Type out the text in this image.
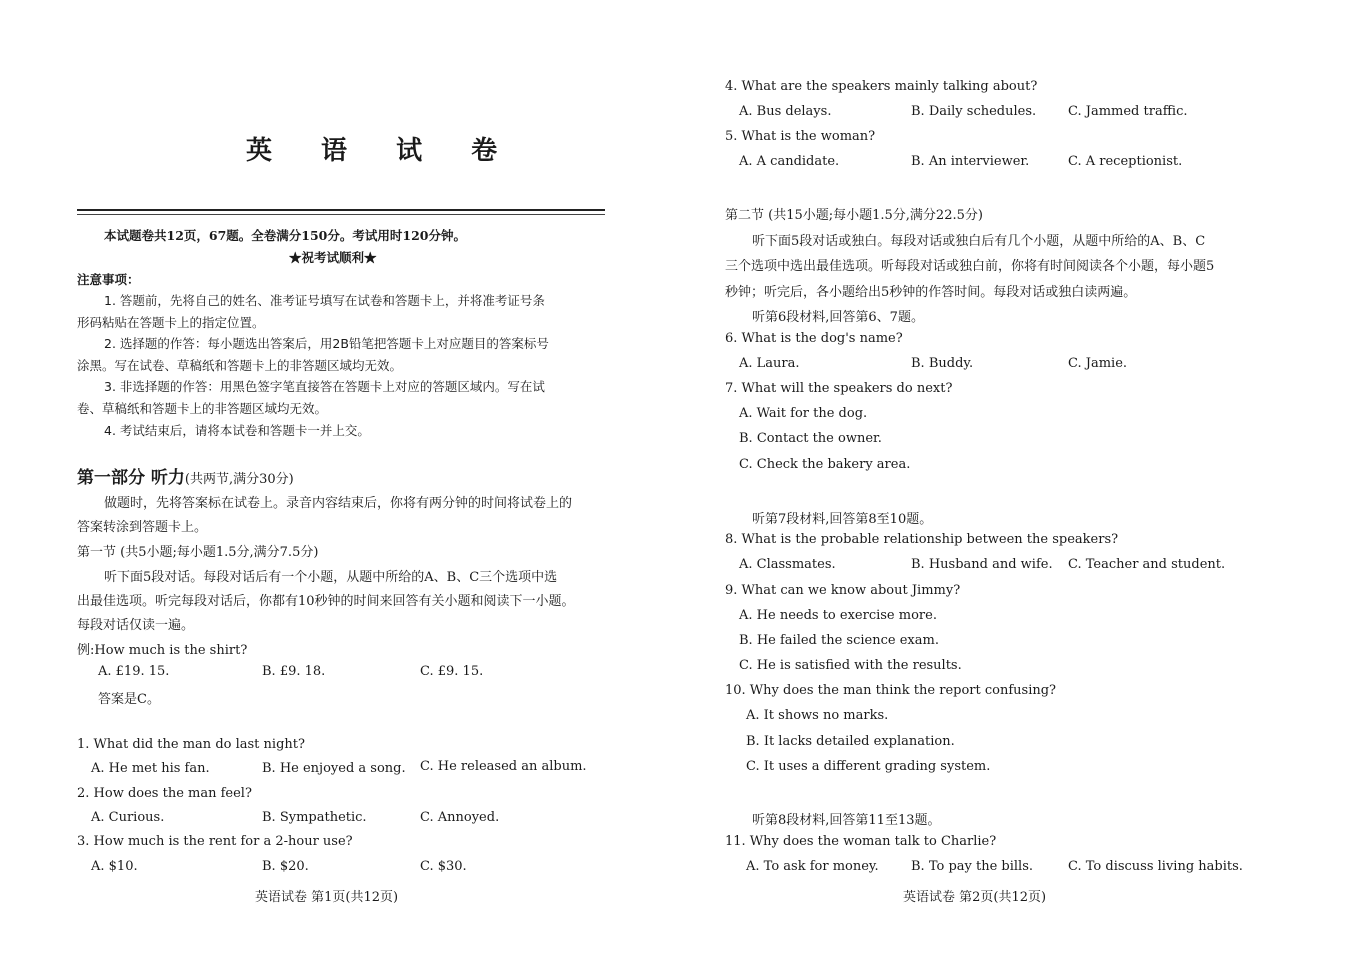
英 语 试 卷
本试题卷共12页，67题。全卷满分150分。考试用时120分钟。
★祝考试顺利★
注意事项：
1. 答题前，先将自己的姓名、准考证号填写在试卷和答题卡上，并将准考证号条
形码粘贴在答题卡上的指定位置。
2. 选择题的作答：每小题选出答案后，用2B铅笔把答题卡上对应题目的答案标号
涂黑。写在试卷、草稿纸和答题卡上的非答题区域均无效。
3. 非选择题的作答：用黑色签字笔直接答在答题卡上对应的答题区域内。写在试
卷、草稿纸和答题卡上的非答题区域均无效。
4. 考试结束后，请将本试卷和答题卡一并上交。
第一部分 听力(共两节,满分30分)
做题时，先将答案标在试卷上。录音内容结束后，你将有两分钟的时间将试卷上的
答案转涂到答题卡上。
第一节 (共5小题;每小题1.5分,满分7.5分)
听下面5段对话。每段对话后有一个小题，从题中所给的A、B、C三个选项中选
出最佳选项。听完每段对话后，你都有10秒钟的时间来回答有关小题和阅读下一小题。
每段对话仅读一遍。
例:How much is the shirt?
A. £19. 15.	B. £9. 18.	C. £9. 15.
答案是C。
1. What did the man do last night?
A. He met his fan.	B. He enjoyed a song. C. He released an album.
2. How does the man feel?
A. Curious.	B. Sympathetic.	C. Annoyed.
3. How much is the rent for a 2-hour use?
A. $10.	B. $20.	C. $30.
英语试卷 第1页(共12页)
4. What are the speakers mainly talking about?
A. Bus delays.	B. Daily schedules. C. Jammed traffic.
5. What is the woman?
A. A candidate.	B. An interviewer.	C. A receptionist.
第二节 (共15小题;每小题1.5分,满分22.5分)
听下面5段对话或独白。每段对话或独白后有几个小题，从题中所给的A、B、C
三个选项中选出最佳选项。听每段对话或独白前，你将有时间阅读各个小题，每小题5
秒钟；听完后，各小题给出5秒钟的作答时间。每段对话或独白读两遍。
听第6段材料,回答第6、7题。
6. What is the dog's name?
A. Laura.	B. Buddy.	C. Jamie.
7. What will the speakers do next?
A. Wait for the dog.
B. Contact the owner.
C. Check the bakery area.
听第7段材料,回答第8至10题。
8. What is the probable relationship between the speakers?
A. Classmates.	B. Husband and wife. C. Teacher and student.
9. What can we know about Jimmy?
A. He needs to exercise more.
B. He failed the science exam.
C. He is satisfied with the results.
10. Why does the man think the report confusing?
A. It shows no marks.
B. It lacks detailed explanation.
C. It uses a different grading system.
听第8段材料,回答第11至13题。
11. Why does the woman talk to Charlie?
A. To ask for money. B. To pay the bills.	C. To discuss living habits.
英语试卷 第2页(共12页)
